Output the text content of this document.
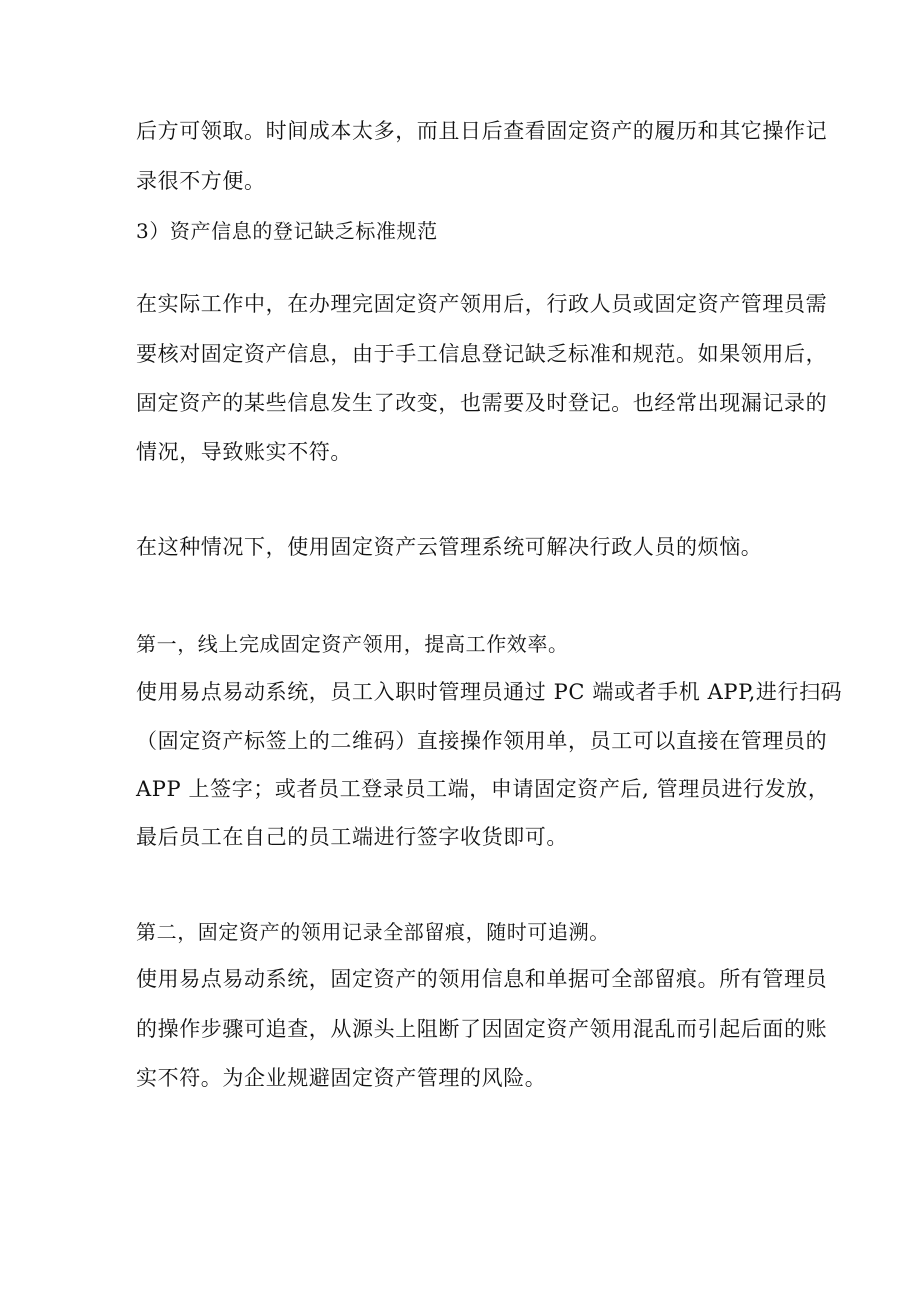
后方可领取。时间成本太多，而且日后查看固定资产的履历和其它操作记
录很不方便。
3）资产信息的登记缺乏标准规范
在实际工作中，在办理完固定资产领用后，行政人员或固定资产管理员需
要核对固定资产信息，由于手工信息登记缺乏标准和规范。如果领用后，
固定资产的某些信息发生了改变，也需要及时登记。也经常出现漏记录的
情况，导致账实不符。
在这种情况下，使用固定资产云管理系统可解决行政人员的烦恼。
第一，线上完成固定资产领用，提高工作效率。
使用易点易动系统，员工入职时管理员通过 PC 端或者手机 APP,进行扫码
（固定资产标签上的二维码）直接操作领用单，员工可以直接在管理员的
APP 上签字；或者员工登录员工端，申请固定资产后, 管理员进行发放，
最后员工在自己的员工端进行签字收货即可。
第二，固定资产的领用记录全部留痕，随时可追溯。
使用易点易动系统，固定资产的领用信息和单据可全部留痕。所有管理员
的操作步骤可追查，从源头上阻断了因固定资产领用混乱而引起后面的账
实不符。为企业规避固定资产管理的风险。
